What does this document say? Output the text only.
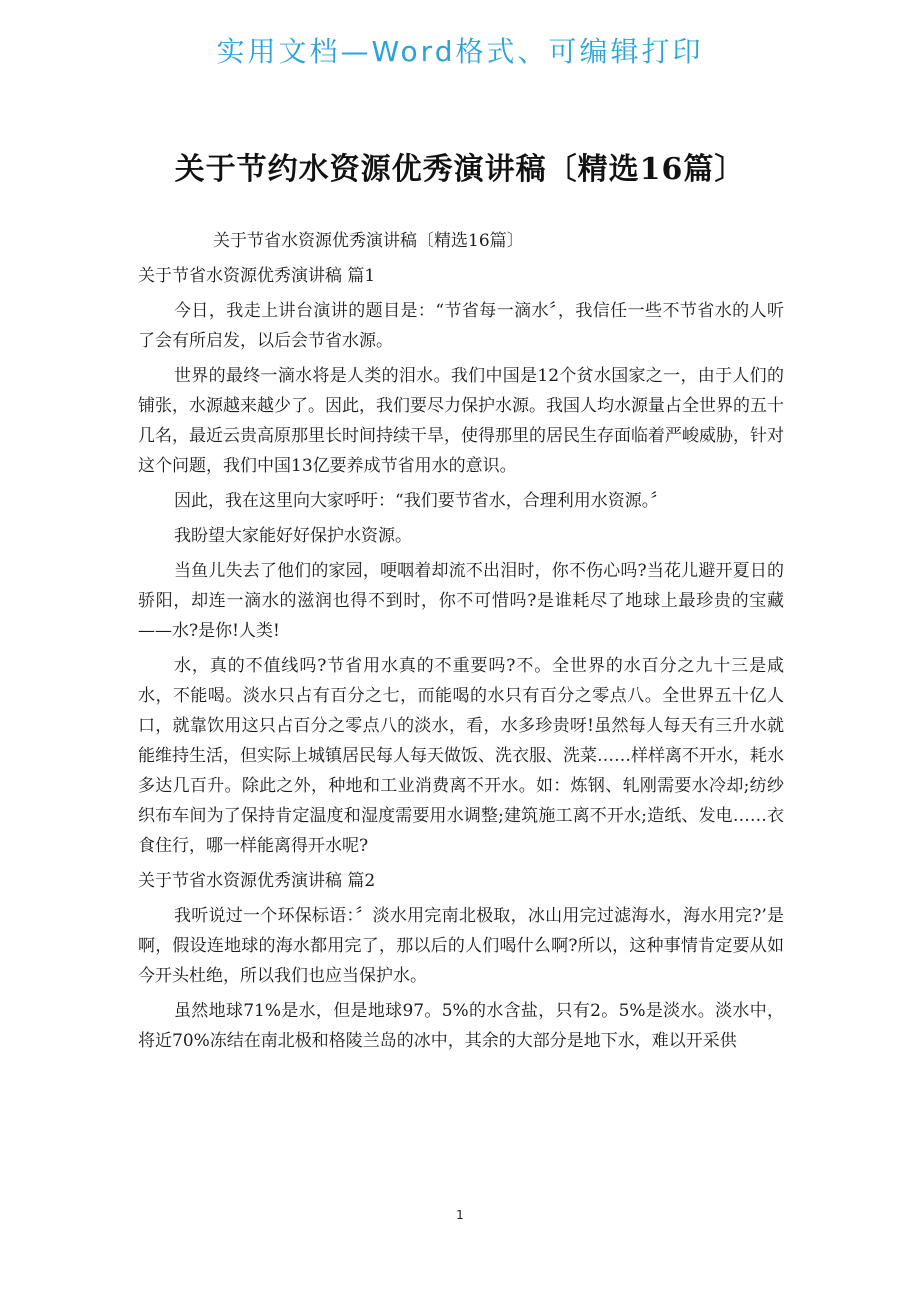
实用文档—Word格式、可编辑打印
关于节约水资源优秀演讲稿〔精选16篇〕

关于节省水资源优秀演讲稿〔精选16篇〕

关于节省水资源优秀演讲稿 篇1

今日，我走上讲台演讲的题目是：“节省每一滴水〞，我信任一些不节省水的人听了会有所启发，以后会节省水源。

世界的最终一滴水将是人类的泪水。我们中国是12个贫水国家之一，由于人们的铺张，水源越来越少了。因此，我们要尽力保护水源。我国人均水源量占全世界的五十几名，最近云贵高原那里长时间持续干旱，使得那里的居民生存面临着严峻威胁，针对这个问题，我们中国13亿要养成节省用水的意识。

因此，我在这里向大家呼吁：“我们要节省水，合理利用水资源。〞

我盼望大家能好好保护水资源。

当鱼儿失去了他们的家园，哽咽着却流不出泪时，你不伤心吗?当花儿避开夏日的骄阳，却连一滴水的滋润也得不到时，你不可惜吗?是谁耗尽了地球上最珍贵的宝藏——水?是你!人类!

水，真的不值线吗?节省用水真的不重要吗?不。全世界的水百分之九十三是咸水，不能喝。淡水只占有百分之七，而能喝的水只有百分之零点八。全世界五十亿人口，就靠饮用这只占百分之零点八的淡水，看，水多珍贵呀!虽然每人每天有三升水就能维持生活，但实际上城镇居民每人每天做饭、洗衣服、洗菜……样样离不开水，耗水多达几百升。除此之外，种地和工业消费离不开水。如：炼钢、轧刚需要水冷却;纺纱织布车间为了保持肯定温度和湿度需要用水调整;建筑施工离不开水;造纸、发电……衣食住行，哪一样能离得开水呢?

关于节省水资源优秀演讲稿 篇2

我听说过一个环保标语：〞淡水用完南北极取，冰山用完过滤海水，海水用完?’是啊，假设连地球的海水都用完了，那以后的人们喝什么啊?所以，这种事情肯定要从如今开头杜绝，所以我们也应当保护水。

虽然地球71%是水，但是地球97。5%的水含盐，只有2。5%是淡水。淡水中，将近70%冻结在南北极和格陵兰岛的冰中，其余的大部分是地下水，难以开采供

1
